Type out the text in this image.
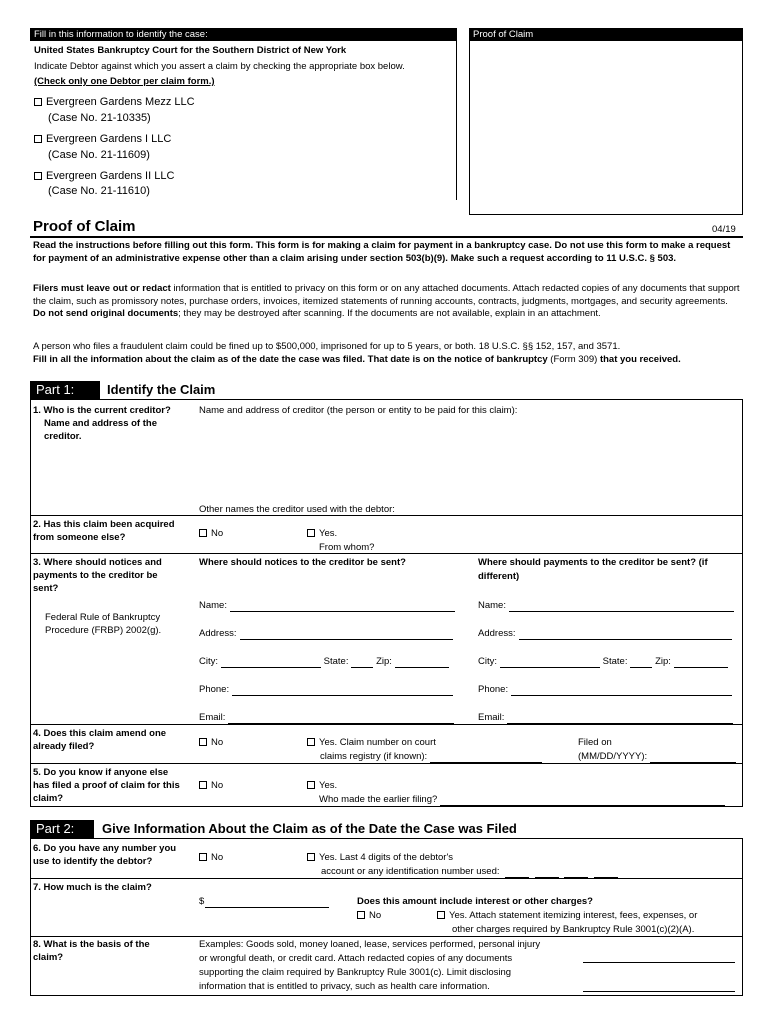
Fill in this information to identify the case:
United States Bankruptcy Court for the Southern District of New York
Indicate Debtor against which you assert a claim by checking the appropriate box below.
(Check only one Debtor per claim form.)
Evergreen Gardens Mezz LLC
(Case No. 21-10335)
Evergreen Gardens I LLC
(Case No. 21-11609)
Evergreen Gardens II LLC
(Case No. 21-11610)
Proof of Claim
Proof of Claim	04/19
Read the instructions before filling out this form. This form is for making a claim for payment in a bankruptcy case. Do not use this form to make a request for payment of an administrative expense other than a claim arising under section 503(b)(9). Make such a request according to 11 U.S.C. § 503.
Filers must leave out or redact information that is entitled to privacy on this form or on any attached documents. Attach redacted copies of any documents that support the claim, such as promissory notes, purchase orders, invoices, itemized statements of running accounts, contracts, judgments, mortgages, and security agreements. Do not send original documents; they may be destroyed after scanning. If the documents are not available, explain in an attachment.
A person who files a fraudulent claim could be fined up to $500,000, imprisoned for up to 5 years, or both. 18 U.S.C. §§ 152, 157, and 3571.
Fill in all the information about the claim as of the date the case was filed. That date is on the notice of bankruptcy (Form 309) that you received.
Part 1:	Identify the Claim
1. Who is the current creditor?
Name and address of the creditor.
Name and address of creditor (the person or entity to be paid for this claim):
Other names the creditor used with the debtor:
2. Has this claim been acquired from someone else?	No	Yes.
From whom?
3. Where should notices and payments to the creditor be sent?
Federal Rule of Bankruptcy Procedure (FRBP) 2002(g).
Where should notices to the creditor be sent?	Where should payments to the creditor be sent? (if different)
Name:
Address:
City:	State:	Zip:
Phone:
Email:
Name:
Address:
City:	State:	Zip:
Phone:
Email:
4. Does this claim amend one already filed?	No	Yes. Claim number on court
claims registry (if known):
Filed on
(MM/DD/YYYY):
5. Do you know if anyone else has filed a proof of claim for this claim?
No	Yes.
Who made the earlier filing?
Part 2:	Give Information About the Claim as of the Date the Case was Filed
6. Do you have any number you use to identify the debtor?	No	Yes. Last 4 digits of the debtor's
account or any identification number used:
7. How much is the claim?
$	Does this amount include interest or other charges?
No	Yes. Attach statement itemizing interest, fees, expenses, or
other charges required by Bankruptcy Rule 3001(c)(2)(A).
8. What is the basis of the claim?
Examples: Goods sold, money loaned, lease, services performed, personal injury
or wrongful death, or credit card. Attach redacted copies of any documents
supporting the claim required by Bankruptcy Rule 3001(c). Limit disclosing
information that is entitled to privacy, such as health care information.
